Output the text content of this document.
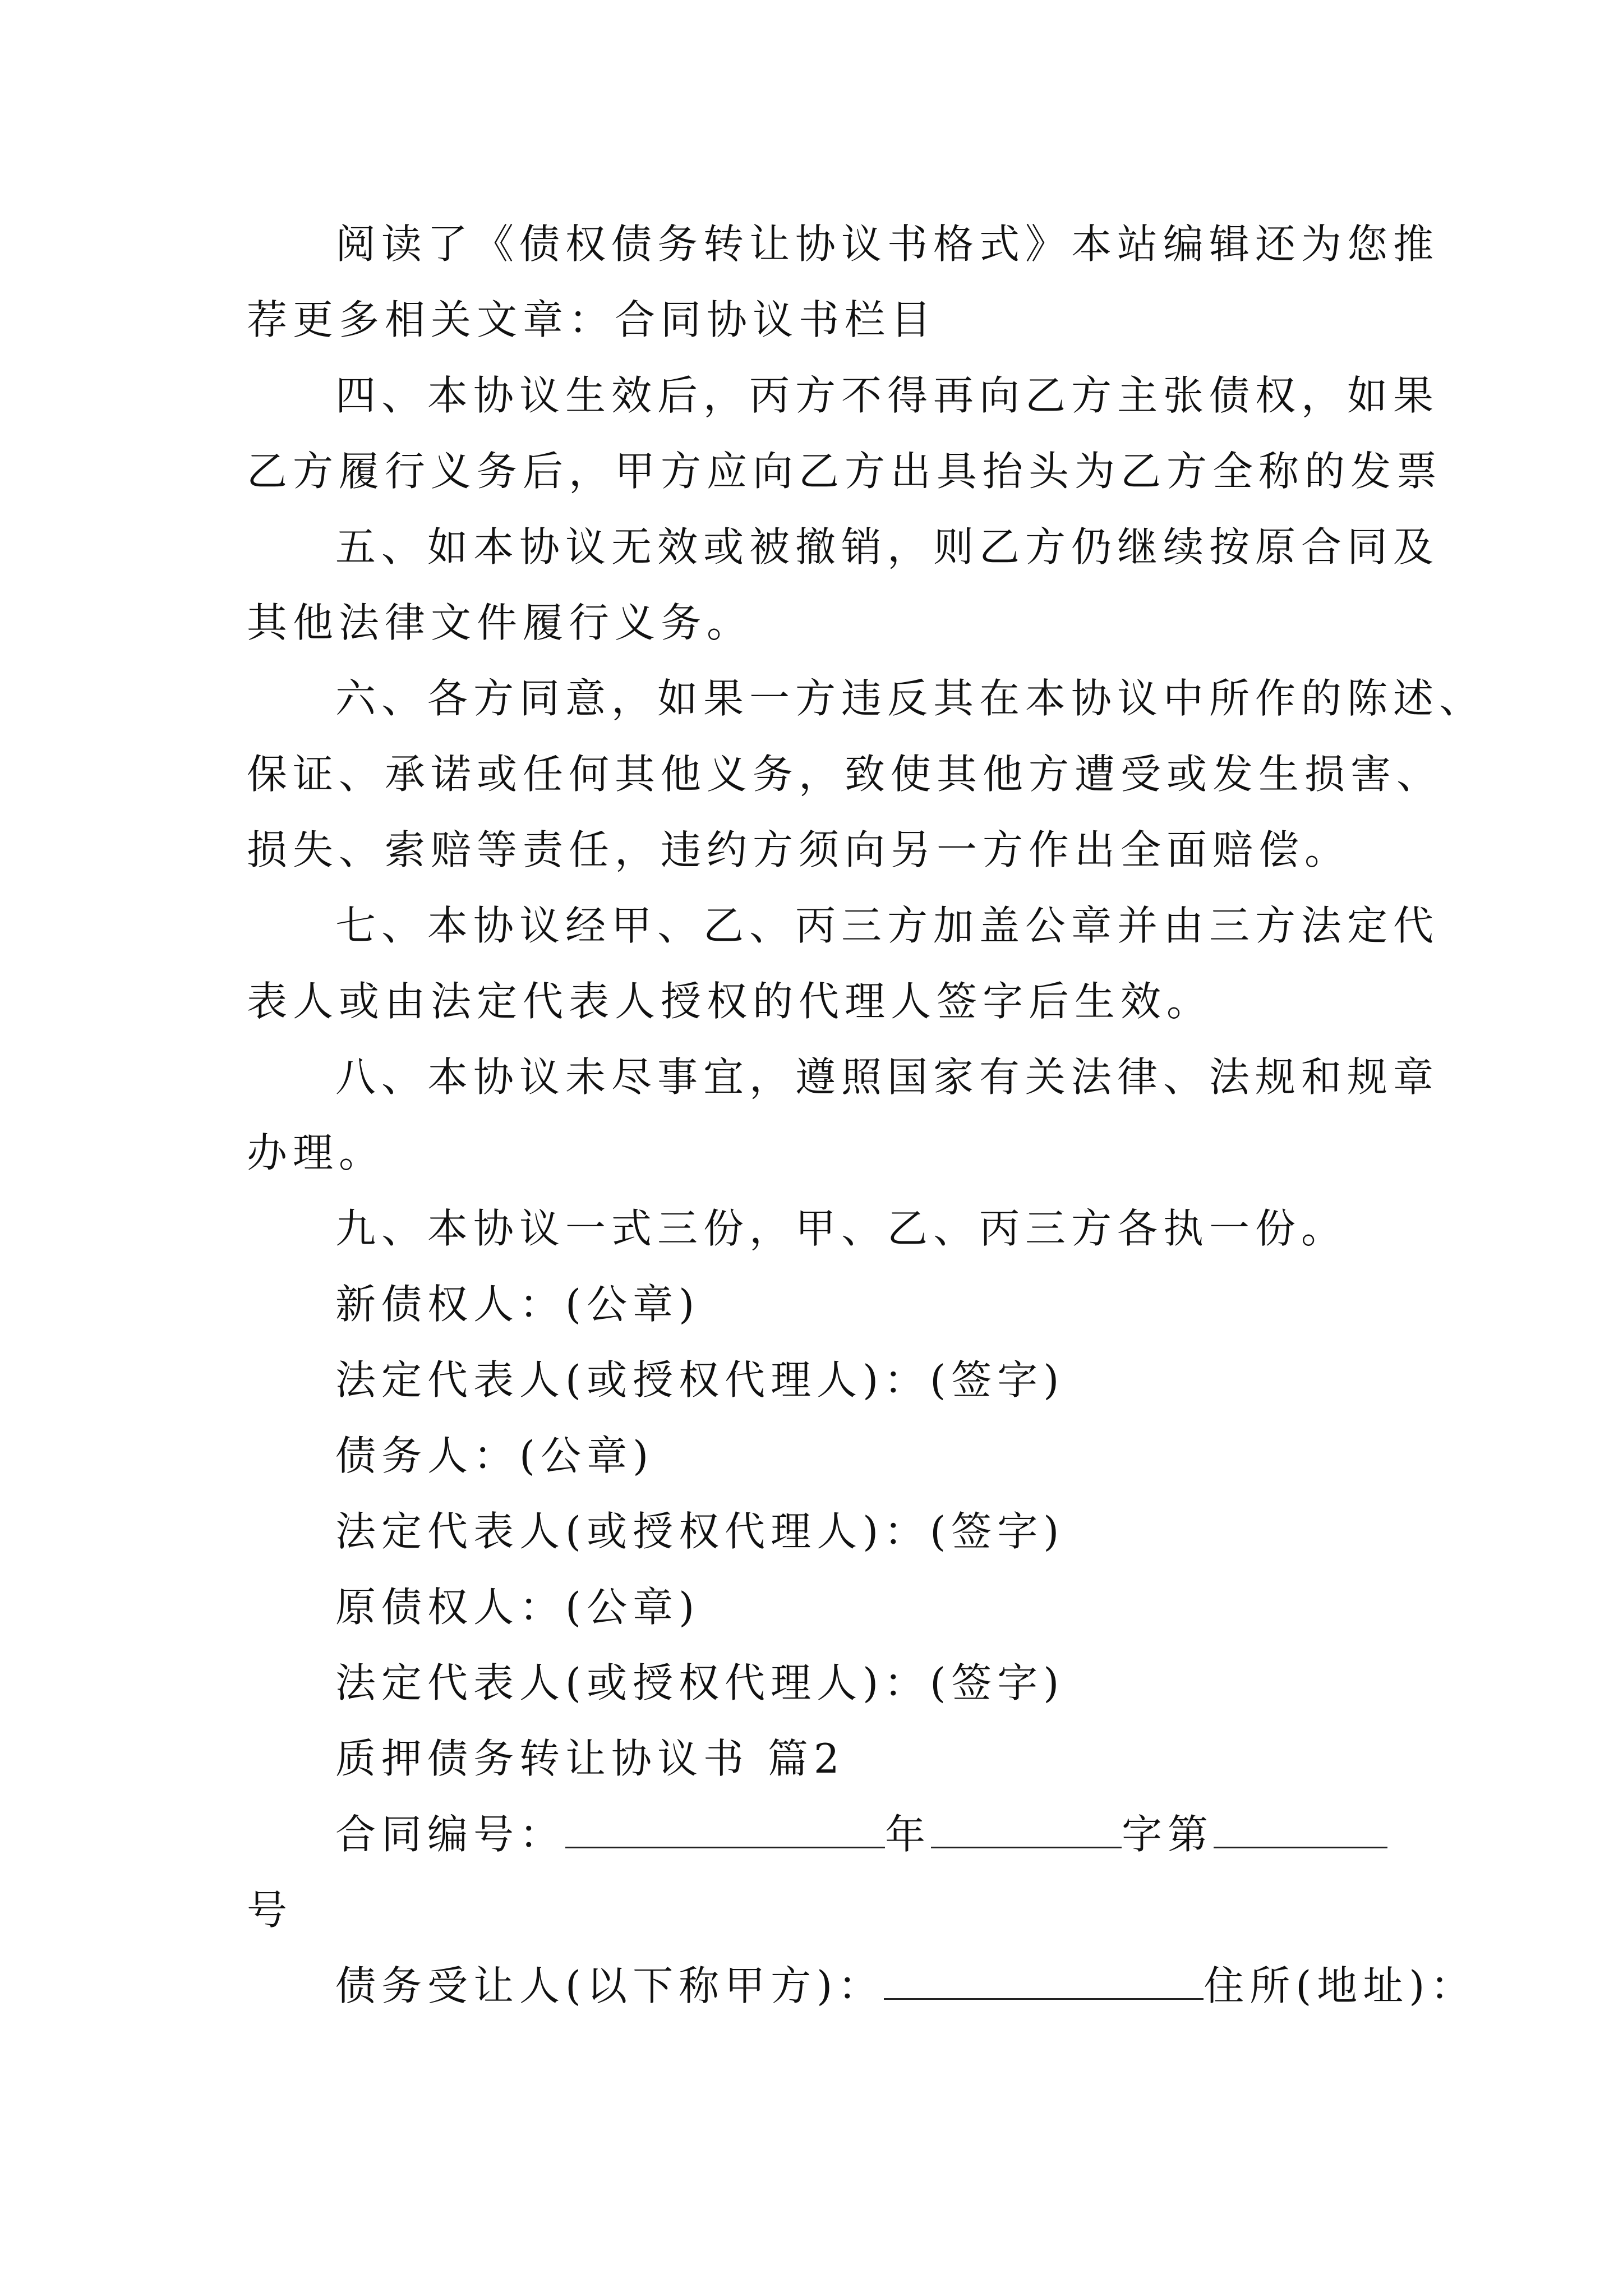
阅读了《债权债务转让协议书格式》本站编辑还为您推
荐更多相关文章：合同协议书栏目
四、本协议生效后，丙方不得再向乙方主张债权，如果
乙方履行义务后，甲方应向乙方出具抬头为乙方全称的发票
五、如本协议无效或被撤销，则乙方仍继续按原合同及
其他法律文件履行义务。
六、各方同意，如果一方违反其在本协议中所作的陈述、
保证、承诺或任何其他义务，致使其他方遭受或发生损害、
损失、索赔等责任，违约方须向另一方作出全面赔偿。
七、本协议经甲、乙、丙三方加盖公章并由三方法定代
表人或由法定代表人授权的代理人签字后生效。
八、本协议未尽事宜，遵照国家有关法律、法规和规章
办理。
九、本协议一式三份，甲、乙、丙三方各执一份。
新债权人：(公章)
法定代表人(或授权代理人)：(签字)
债务人：(公章)
法定代表人(或授权代理人)：(签字)
原债权人：(公章)
法定代表人(或授权代理人)：(签字)
质押债务转让协议书 篇2
合同编号：	年	字第
号
债务受让人(以下称甲方)：	住所(地址)：
